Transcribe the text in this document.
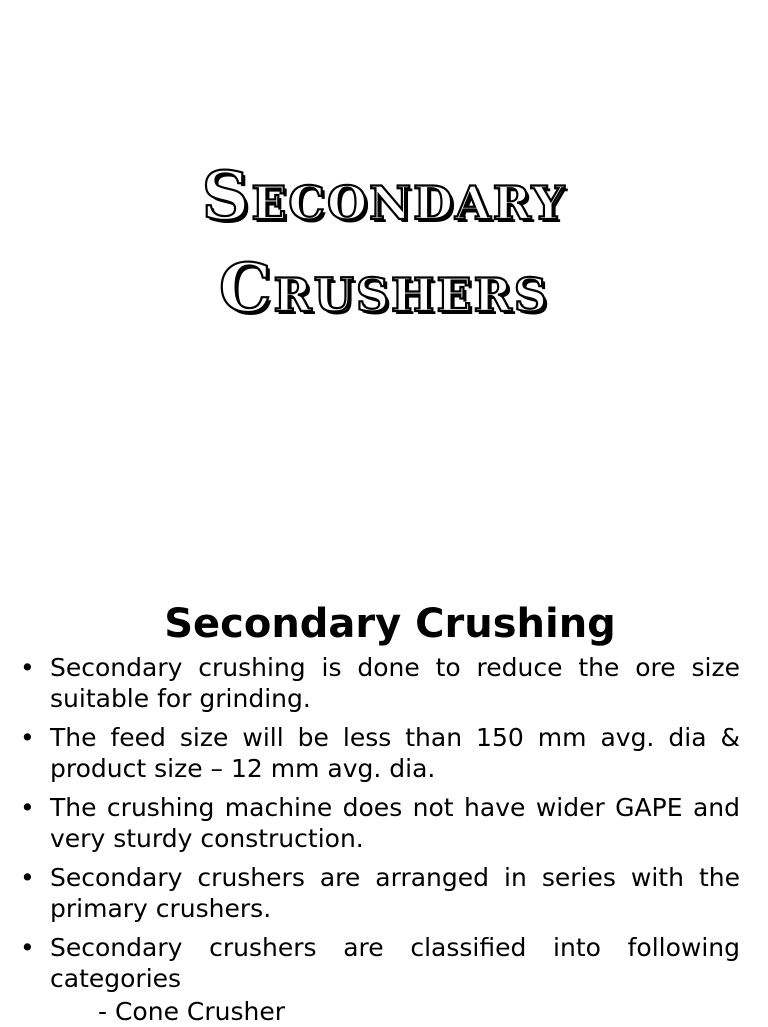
Secondary
Crushers
Secondary Crushing
• Secondary crushing is done to reduce the ore size suitable for grinding.
• The feed size will be less than 150 mm avg. dia & product size – 12 mm avg. dia.
• The crushing machine does not have wider GAPE and very sturdy construction.
• Secondary crushers are arranged in series with the primary crushers.
• Secondary crushers are classified into following categories
- Cone Crusher
